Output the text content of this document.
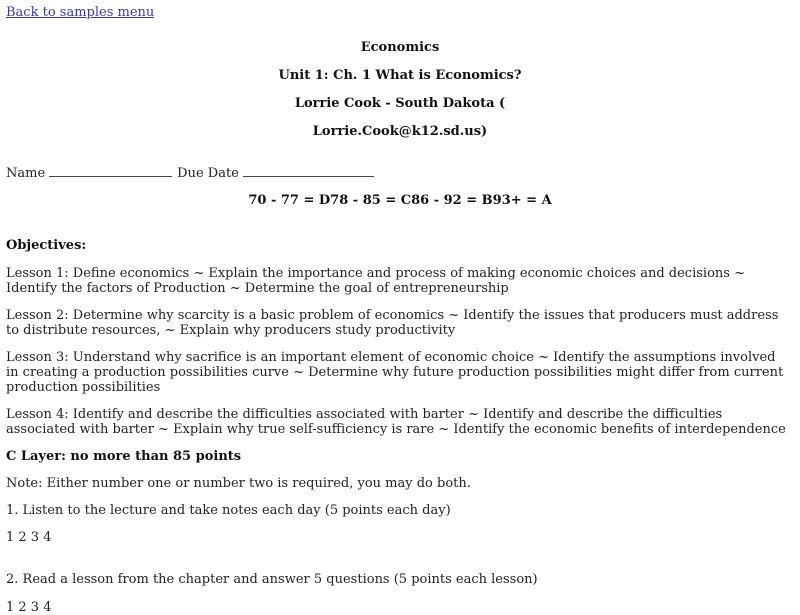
Back to samples menu

Economics

Unit 1: Ch. 1 What is Economics?

Lorrie Cook - South Dakota (

Lorrie.Cook@k12.sd.us)

Name	Due Date

70 - 77 = D78 - 85 = C86 - 92 = B93+ = A

Objectives:
Lesson 1: Define economics ~ Explain the importance and process of making economic choices and decisions ~ Identify the factors of Production ~ Determine the goal of entrepreneurship
Lesson 2: Determine why scarcity is a basic problem of economics ~ Identify the issues that producers must address to distribute resources, ~ Explain why producers study productivity
Lesson 3: Understand why sacrifice is an important element of economic choice ~ Identify the assumptions involved in creating a production possibilities curve ~ Determine why future production possibilities might differ from current production possibilities
Lesson 4: Identify and describe the difficulties associated with barter ~ Identify and describe the difficulties associated with barter ~ Explain why true self-sufficiency is rare ~ Identify the economic benefits of interdependence
C Layer: no more than 85 points
Note: Either number one or number two is required, you may do both.
1. Listen to the lecture and take notes each day (5 points each day)
1 2 3 4
2. Read a lesson from the chapter and answer 5 questions (5 points each lesson)
1 2 3 4
